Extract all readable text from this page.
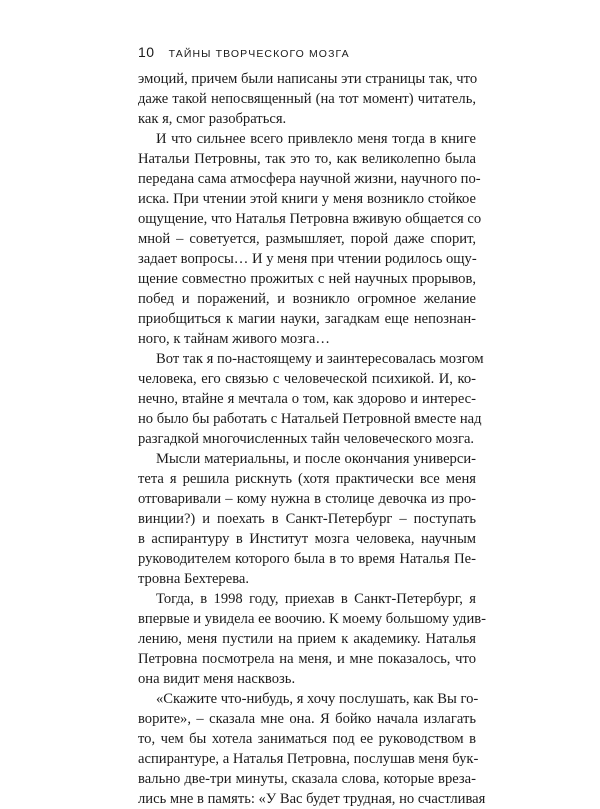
10 ТАЙНЫ ТВОРЧЕСКОГО МОЗГА
эмоций, причем были написаны эти страницы так, что
даже такой непосвященный (на тот момент) читатель,
как я, смог разобраться.
И что сильнее всего привлекло меня тогда в книге
Натальи Петровны, так это то, как великолепно была
передана сама атмосфера научной жизни, научного по-
иска. При чтении этой книги у меня возникло стойкое
ощущение, что Наталья Петровна вживую общается со
мной – советуется, размышляет, порой даже спорит,
задает вопросы… И у меня при чтении родилось ощу-
щение совместно прожитых с ней научных прорывов,
побед и поражений, и возникло огромное желание
приобщиться к магии науки, загадкам еще непознан-
ного, к тайнам живого мозга…
Вот так я по-настоящему и заинтересовалась мозгом
человека, его связью с человеческой психикой. И, ко-
нечно, втайне я мечтала о том, как здорово и интерес-
но было бы работать с Натальей Петровной вместе над
разгадкой многочисленных тайн человеческого мозга.
Мысли материальны, и после окончания универси-
тета я решила рискнуть (хотя практически все меня
отговаривали – кому нужна в столице девочка из про-
винции?) и поехать в Санкт-Петербург – поступать
в аспирантуру в Институт мозга человека, научным
руководителем которого была в то время Наталья Пе-
тровна Бехтерева.
Тогда, в 1998 году, приехав в Санкт-Петербург, я
впервые и увидела ее воочию. К моему большому удив-
лению, меня пустили на прием к академику. Наталья
Петровна посмотрела на меня, и мне показалось, что
она видит меня насквозь.
«Скажите что-нибудь, я хочу послушать, как Вы го-
ворите», – сказала мне она. Я бойко начала излагать
то, чем бы хотела заниматься под ее руководством в
аспирантуре, а Наталья Петровна, послушав меня бук-
вально две-три минуты, сказала слова, которые вреза-
лись мне в память: «У Вас будет трудная, но счастливая
